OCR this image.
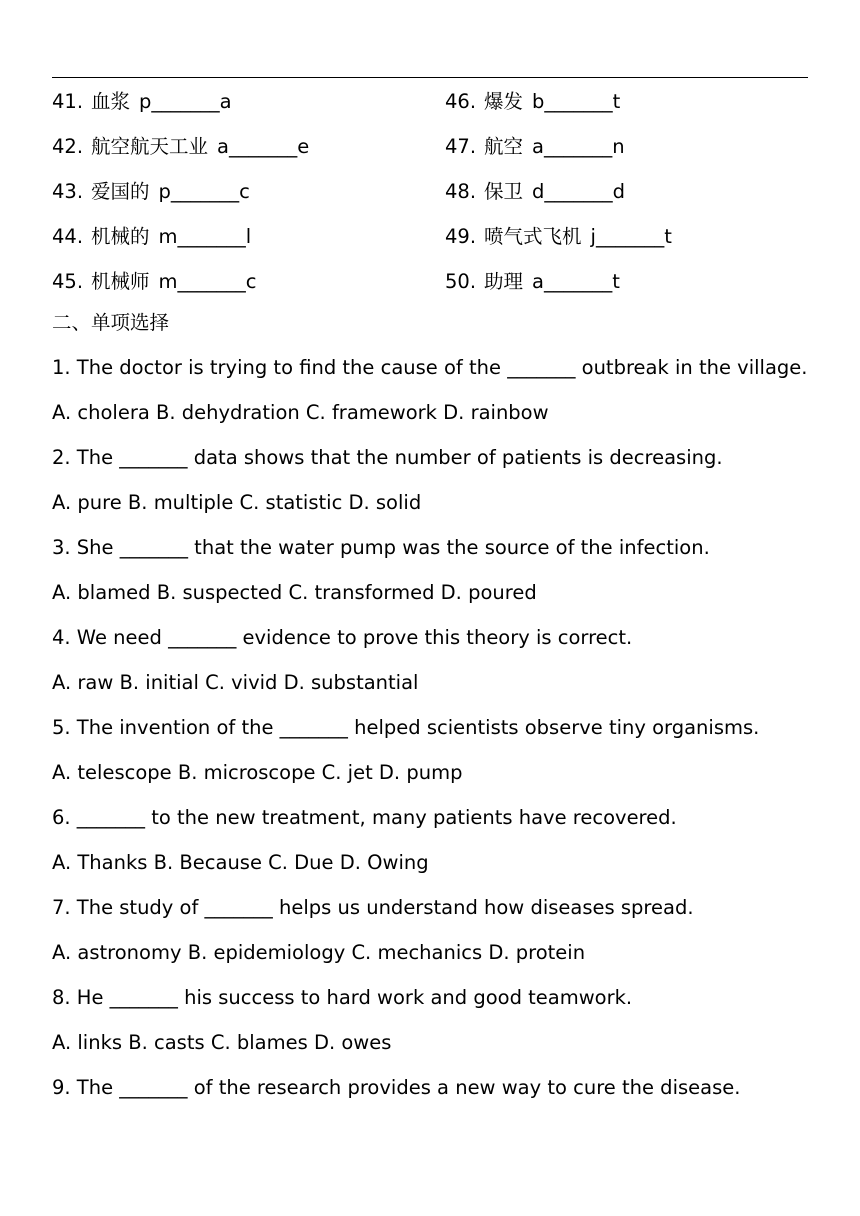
41. 血浆 p_______a	46. 爆发 b_______t
42. 航空航天工业 a_______e	47. 航空 a_______n
43. 爱国的 p_______c	48. 保卫 d_______d
44. 机械的 m_______l	49. 喷气式飞机 j_______t
45. 机械师 m_______c	50. 助理 a_______t
二、单项选择
1. The doctor is trying to find the cause of the _______ outbreak in the village.
A. cholera B. dehydration C. framework D. rainbow
2. The _______ data shows that the number of patients is decreasing.
A. pure B. multiple C. statistic D. solid
3. She _______ that the water pump was the source of the infection.
A. blamed B. suspected C. transformed D. poured
4. We need _______ evidence to prove this theory is correct.
A. raw B. initial C. vivid D. substantial
5. The invention of the _______ helped scientists observe tiny organisms.
A. telescope B. microscope C. jet D. pump
6. _______ to the new treatment, many patients have recovered.
A. Thanks B. Because C. Due D. Owing
7. The study of _______ helps us understand how diseases spread.
A. astronomy B. epidemiology C. mechanics D. protein
8. He _______ his success to hard work and good teamwork.
A. links B. casts C. blames D. owes
9. The _______ of the research provides a new way to cure the disease.
